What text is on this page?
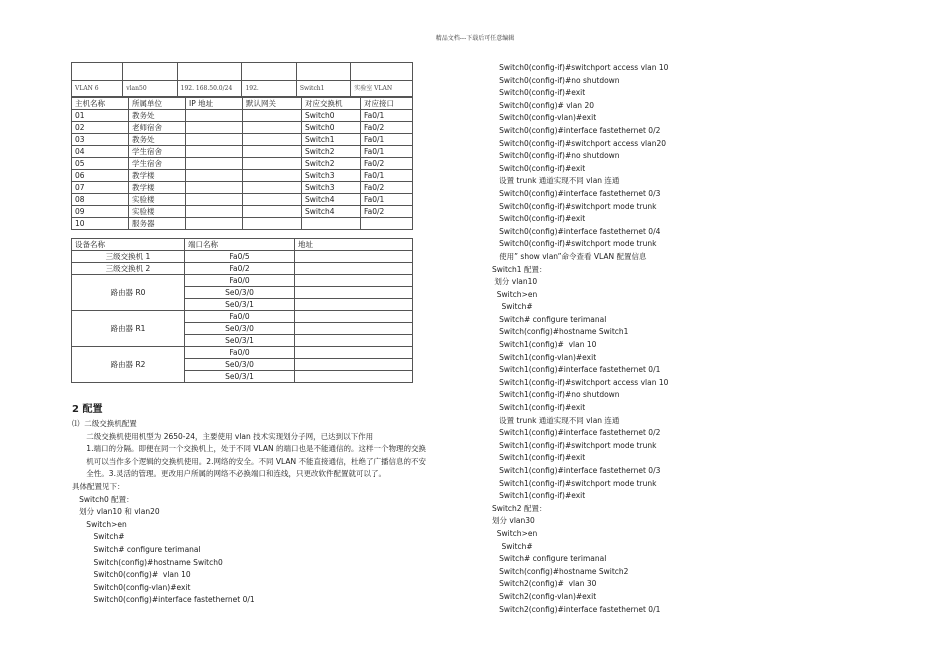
精品文档---下载后可任意编辑

VLAN 6	vlan50	192. 168.50.0/24	192.	Switch1	实验室 VLAN
主机名称	所属单位	IP 地址	默认网关	对应交换机	对应接口
01	教务处			Switch0	Fa0/1
02	老师宿舍			Switch0	Fa0/2
03	教务处			Switch1	Fa0/1
04	学生宿舍			Switch2	Fa0/1
05	学生宿舍			Switch2	Fa0/2
06	教学楼			Switch3	Fa0/1
07	教学楼			Switch3	Fa0/2
08	实验楼			Switch4	Fa0/1
09	实验楼			Switch4	Fa0/2
10	服务器				
设备名称	端口名称	地址
三级交换机 1	Fa0/5	
三级交换机 2	Fa0/2	
路由器 R0	Fa0/0	
	Se0/3/0	
	Se0/3/1	
路由器 R1	Fa0/0	
	Se0/3/0	
	Se0/3/1	
路由器 R2	Fa0/0	
	Se0/3/0	
	Se0/3/1	
2 配置
⑴  二级交换机配置
二级交换机使用机型为 2650-24，主要使用 vlan 技术实现划分子网，已达到以下作用
1.端口的分隔。即便在同一个交换机上，处于不同 VLAN 的端口也是不能通信的。这样一个物理的交换
机可以当作多个逻辑的交换机使用。2.网络的安全。不同 VLAN 不能直接通信，杜绝了广播信息的不安
全性。3.灵活的管理。更改用户所属的网络不必换端口和连线，只更改软件配置就可以了。
具体配置见下：
Switch0 配置：
划分 vlan10 和 vlan20
Switch>en
Switch#
Switch# configure terimanal
Switch(config)#hostname Switch0
Switch0(config)#  vlan 10
Switch0(config-vlan)#exit
Switch0(config)#interface fastethernet 0/1
Switch0(config-if)#switchport access vlan 10
Switch0(config-if)#no shutdown
Switch0(config-if)#exit
Switch0(config)# vlan 20
Switch0(config-vlan)#exit
Switch0(config)#interface fastethernet 0/2
Switch0(config-if)#switchport access vlan20
Switch0(config-if)#no shutdown
Switch0(config-if)#exit
设置 trunk 通道实现不同 vlan 连通
Switch0(config)#interface fastethernet 0/3
Switch0(config-if)#switchport mode trunk
Switch0(config-if)#exit
Switch0(config)#interface fastethernet 0/4
Switch0(config-if)#switchport mode trunk
使用” show vlan”命令查看 VLAN 配置信息
Switch1 配置：
划分 vlan10
Switch>en
Switch#
Switch# configure terimanal
Switch(config)#hostname Switch1
Switch1(config)#  vlan 10
Switch1(config-vlan)#exit
Switch1(config)#interface fastethernet 0/1
Switch1(config-if)#switchport access vlan 10
Switch1(config-if)#no shutdown
Switch1(config-if)#exit
设置 trunk 通道实现不同 vlan 连通
Switch1(config)#interface fastethernet 0/2
Switch1(config-if)#switchport mode trunk
Switch1(config-if)#exit
Switch1(config)#interface fastethernet 0/3
Switch1(config-if)#switchport mode trunk
Switch1(config-if)#exit
Switch2 配置：
划分 vlan30
Switch>en
Switch#
Switch# configure terimanal
Switch(config)#hostname Switch2
Switch2(config)#  vlan 30
Switch2(config-vlan)#exit
Switch2(config)#interface fastethernet 0/1
